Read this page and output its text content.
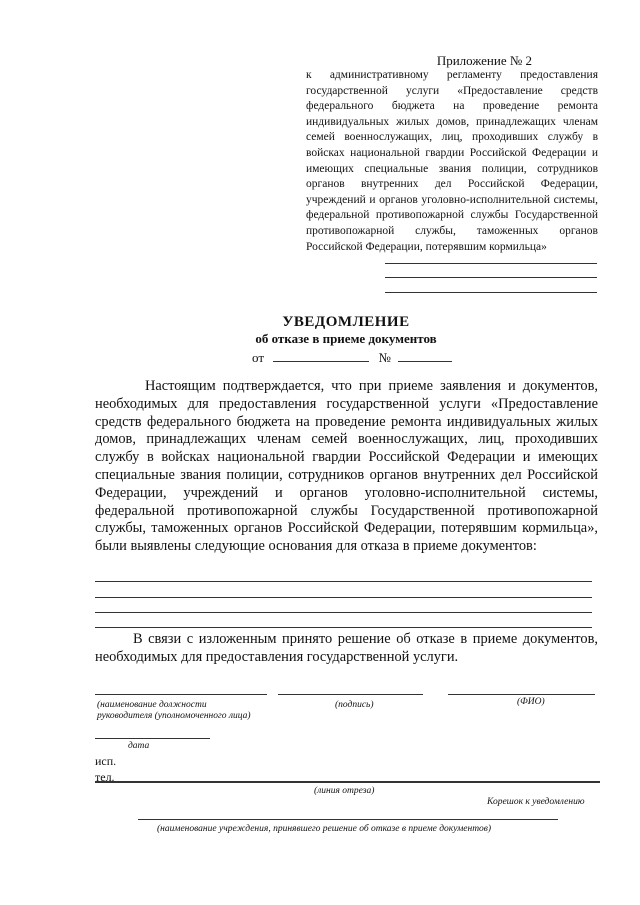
Приложение № 2
к административному регламенту предоставления государственной услуги «Предоставление средств федерального бюджета на проведение ремонта индивидуальных жилых домов, принадлежащих членам семей военнослужащих, лиц, проходивших службу в войсках национальной гвардии Российской Федерации и имеющих специальные звания полиции, сотрудников органов внутренних дел Российской Федерации, учреждений и органов уголовно-исполнительной системы, федеральной противопожарной службы Государственной противопожарной службы, таможенных органов Российской Федерации, потерявшим кормильца»
УВЕДОМЛЕНИЕ
об отказе в приеме документов
от	№
Настоящим подтверждается, что при приеме заявления и документов, необходимых для предоставления государственной услуги «Предоставление средств федерального бюджета на проведение ремонта индивидуальных жилых домов, принадлежащих членам семей военнослужащих, лиц, проходивших службу в войсках национальной гвардии Российской Федерации и имеющих специальные звания полиции, сотрудников органов внутренних дел Российской Федерации, учреждений и органов уголовно-исполнительной системы, федеральной противопожарной службы Государственной противопожарной службы, таможенных органов Российской Федерации, потерявшим кормильца», были выявлены следующие основания для отказа в приеме документов:
В связи с изложенным принято решение об отказе в приеме документов, необходимых для предоставления государственной услуги.
(наименование должности
руководителя (уполномоченного лица)
(подпись)	(ФИО)
дата
исп.
тел.
(линия отреза)
Корешок к уведомлению
(наименование учреждения, принявшего решение об отказе в приеме документов)
